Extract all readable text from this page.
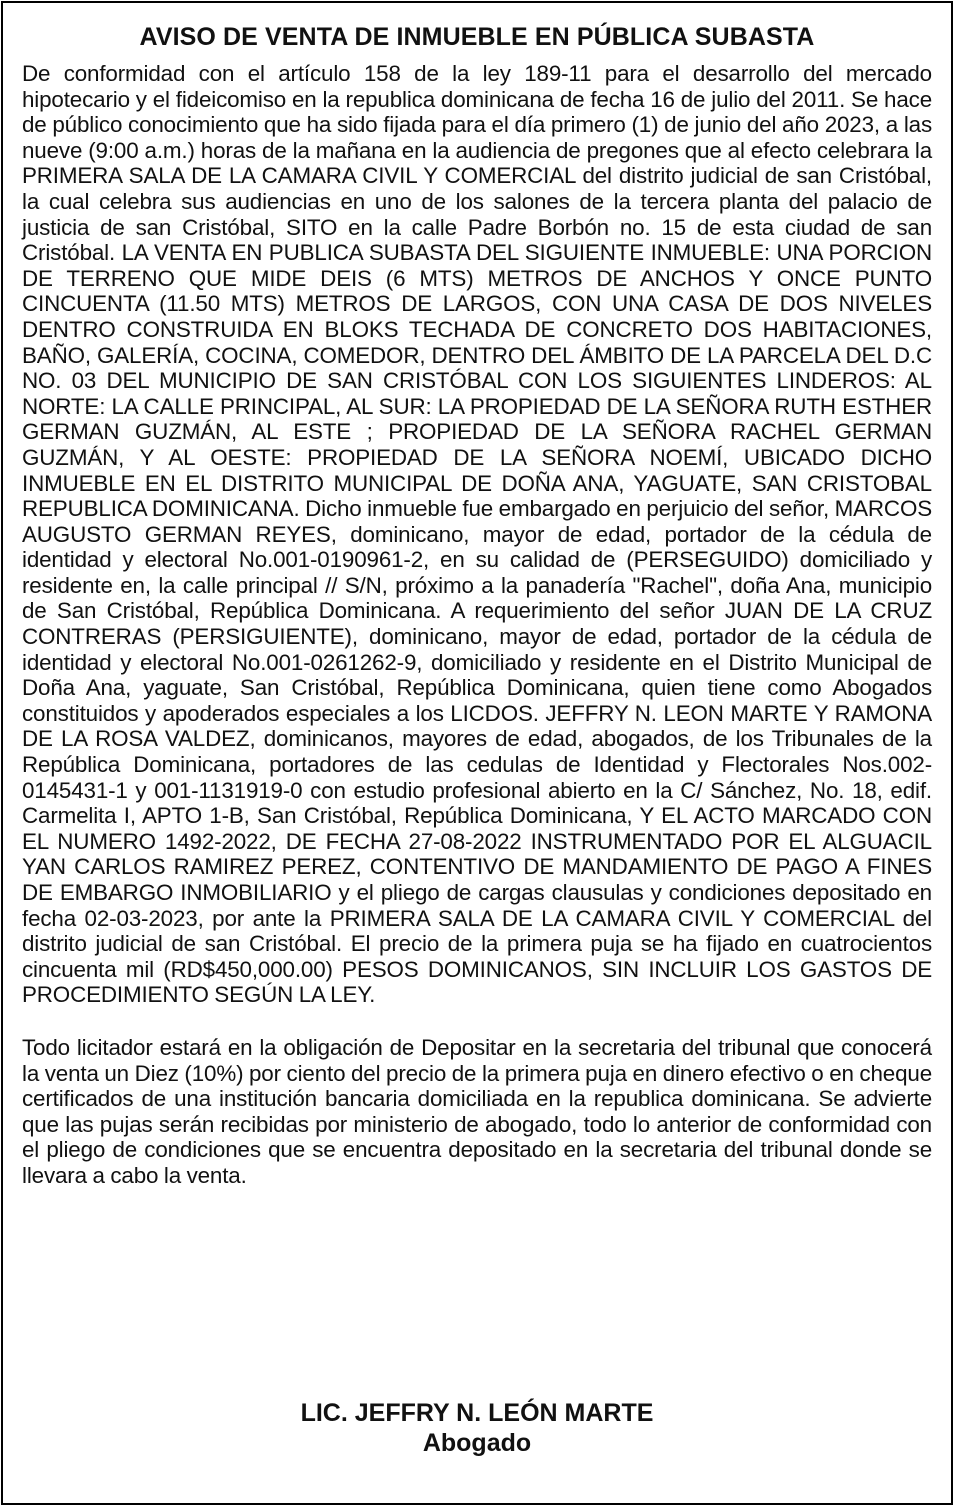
AVISO DE VENTA DE INMUEBLE EN PÚBLICA SUBASTA

De conformidad con el artículo 158 de la ley 189-11 para el desarrollo del mercado hipotecario y el fideicomiso en la republica dominicana de fecha 16 de julio del 2011. Se hace de público conocimiento que ha sido fijada para el día primero (1) de junio del año 2023, a las nueve (9:00 a.m.) horas de la mañana en la audiencia de pregones que al efecto celebrara la PRIMERA SALA DE LA CAMARA CIVIL Y COMERCIAL del distrito judicial de san Cristóbal, la cual celebra sus audiencias en uno de los salones de la tercera planta del palacio de justicia de san Cristóbal, SITO en la calle Padre Borbón no. 15 de esta ciudad de san Cristóbal. LA VENTA EN PUBLICA SUBASTA DEL SIGUIENTE INMUEBLE: UNA PORCION DE TERRENO QUE MIDE DEIS (6 MTS) METROS DE ANCHOS Y ONCE PUNTO CINCUENTA (11.50 MTS) METROS DE LARGOS, CON UNA CASA DE DOS NIVELES DENTRO CONSTRUIDA EN BLOKS TECHADA DE CONCRETO DOS HABITACIONES, BAÑO, GALERÍA, COCINA, COMEDOR, DENTRO DEL ÁMBITO DE LA PARCELA DEL D.C NO. 03 DEL MUNICIPIO DE SAN CRISTÓBAL CON LOS SIGUIENTES LINDEROS: AL NORTE: LA CALLE PRINCIPAL, AL SUR: LA PROPIEDAD DE LA SEÑORA RUTH ESTHER GERMAN GUZMÁN, AL ESTE ; PROPIEDAD DE LA SEÑORA RACHEL GERMAN GUZMÁN, Y AL OESTE: PROPIEDAD DE LA SEÑORA NOEMÍ, UBICADO DICHO INMUEBLE EN EL DISTRITO MUNICIPAL DE DOÑA ANA, YAGUATE, SAN CRISTOBAL REPUBLICA DOMINICANA. Dicho inmueble fue embargado en perjuicio del señor, MARCOS AUGUSTO GERMAN REYES, dominicano, mayor de edad, portador de la cédula de identidad y electoral No.001-0190961-2, en su calidad de (PERSEGUIDO) domiciliado y residente en, la calle principal // S/N, próximo a la panadería "Rachel", doña Ana, municipio de San Cristóbal, República Dominicana. A requerimiento del señor JUAN DE LA CRUZ CONTRERAS (PERSIGUIENTE), dominicano, mayor de edad, portador de la cédula de identidad y electoral No.001-0261262-9, domiciliado y residente en el Distrito Municipal de Doña Ana, yaguate, San Cristóbal, República Dominicana, quien tiene como Abogados constituidos y apoderados especiales a los LICDOS. JEFFRY N. LEON MARTE Y RAMONA DE LA ROSA VALDEZ, dominicanos, mayores de edad, abogados, de los Tribunales de la República Dominicana, portadores de las cedulas de Identidad y Flectorales Nos.002-0145431-1 y 001-1131919-0 con estudio profesional abierto en la C/ Sánchez, No. 18, edif. Carmelita I, APTO 1-B, San Cristóbal, República Dominicana, Y EL ACTO MARCADO CON EL NUMERO 1492-2022, DE FECHA 27-08-2022 INSTRUMENTADO POR EL ALGUACIL YAN CARLOS RAMIREZ PEREZ, CONTENTIVO DE MANDAMIENTO DE PAGO A FINES DE EMBARGO INMOBILIARIO y el pliego de cargas clausulas y condiciones depositado en fecha 02-03-2023, por ante la PRIMERA SALA DE LA CAMARA CIVIL Y COMERCIAL del distrito judicial de san Cristóbal. El precio de la primera puja se ha fijado en cuatrocientos cincuenta mil (RD$450,000.00) PESOS DOMINICANOS, SIN INCLUIR LOS GASTOS DE PROCEDIMIENTO SEGÚN LA LEY.

Todo licitador estará en la obligación de Depositar en la secretaria del tribunal que conocerá la venta un Diez (10%) por ciento del precio de la primera puja en dinero efectivo o en cheque certificados de una institución bancaria domiciliada en la republica dominicana. Se advierte que las pujas serán recibidas por ministerio de abogado, todo lo anterior de conformidad con el pliego de condiciones que se encuentra depositado en la secretaria del tribunal donde se llevara a cabo la venta.

LIC. JEFFRY N. LEÓN MARTE
Abogado
